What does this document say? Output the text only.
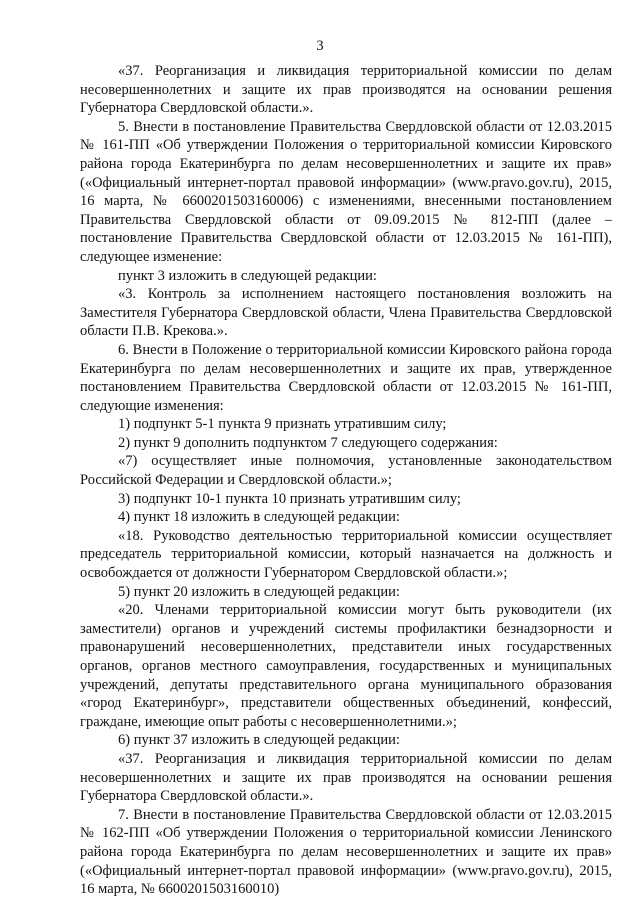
3

«37. Реорганизация и ликвидация территориальной комиссии по делам несовершеннолетних и защите их прав производятся на основании решения Губернатора Свердловской области.».

5. Внести в постановление Правительства Свердловской области от 12.03.2015 № 161-ПП «Об утверждении Положения о территориальной комиссии Кировского района города Екатеринбурга по делам несовершеннолетних и защите их прав» («Официальный интернет-портал правовой информации» (www.pravo.gov.ru), 2015, 16 марта, № 6600201503160006) с изменениями, внесенными постановлением Правительства Свердловской области от 09.09.2015 № 812-ПП (далее – постановление Правительства Свердловской области от 12.03.2015 № 161-ПП), следующее изменение:

пункт 3 изложить в следующей редакции:

«3. Контроль за исполнением настоящего постановления возложить на Заместителя Губернатора Свердловской области, Члена Правительства Свердловской области П.В. Крекова.».

6. Внести в Положение о территориальной комиссии Кировского района города Екатеринбурга по делам несовершеннолетних и защите их прав, утвержденное постановлением Правительства Свердловской области от 12.03.2015 № 161-ПП, следующие изменения:

1) подпункт 5-1 пункта 9 признать утратившим силу;

2) пункт 9 дополнить подпунктом 7 следующего содержания:

«7) осуществляет иные полномочия, установленные законодательством Российской Федерации и Свердловской области.»;

3) подпункт 10-1 пункта 10 признать утратившим силу;

4) пункт 18 изложить в следующей редакции:

«18. Руководство деятельностью территориальной комиссии осуществляет председатель территориальной комиссии, который назначается на должность и освобождается от должности Губернатором Свердловской области.»;

5) пункт 20 изложить в следующей редакции:

«20. Членами территориальной комиссии могут быть руководители (их заместители) органов и учреждений системы профилактики безнадзорности и правонарушений несовершеннолетних, представители иных государственных органов, органов местного самоуправления, государственных и муниципальных учреждений, депутаты представительного органа муниципального образования «город Екатеринбург», представители общественных объединений, конфессий, граждане, имеющие опыт работы с несовершеннолетними.»;

6) пункт 37 изложить в следующей редакции:

«37. Реорганизация и ликвидация территориальной комиссии по делам несовершеннолетних и защите их прав производятся на основании решения Губернатора Свердловской области.».

7. Внести в постановление Правительства Свердловской области от 12.03.2015 № 162-ПП «Об утверждении Положения о территориальной комиссии Ленинского района города Екатеринбурга по делам несовершеннолетних и защите их прав» («Официальный интернет-портал правовой информации» (www.pravo.gov.ru), 2015, 16 марта, № 6600201503160010)
